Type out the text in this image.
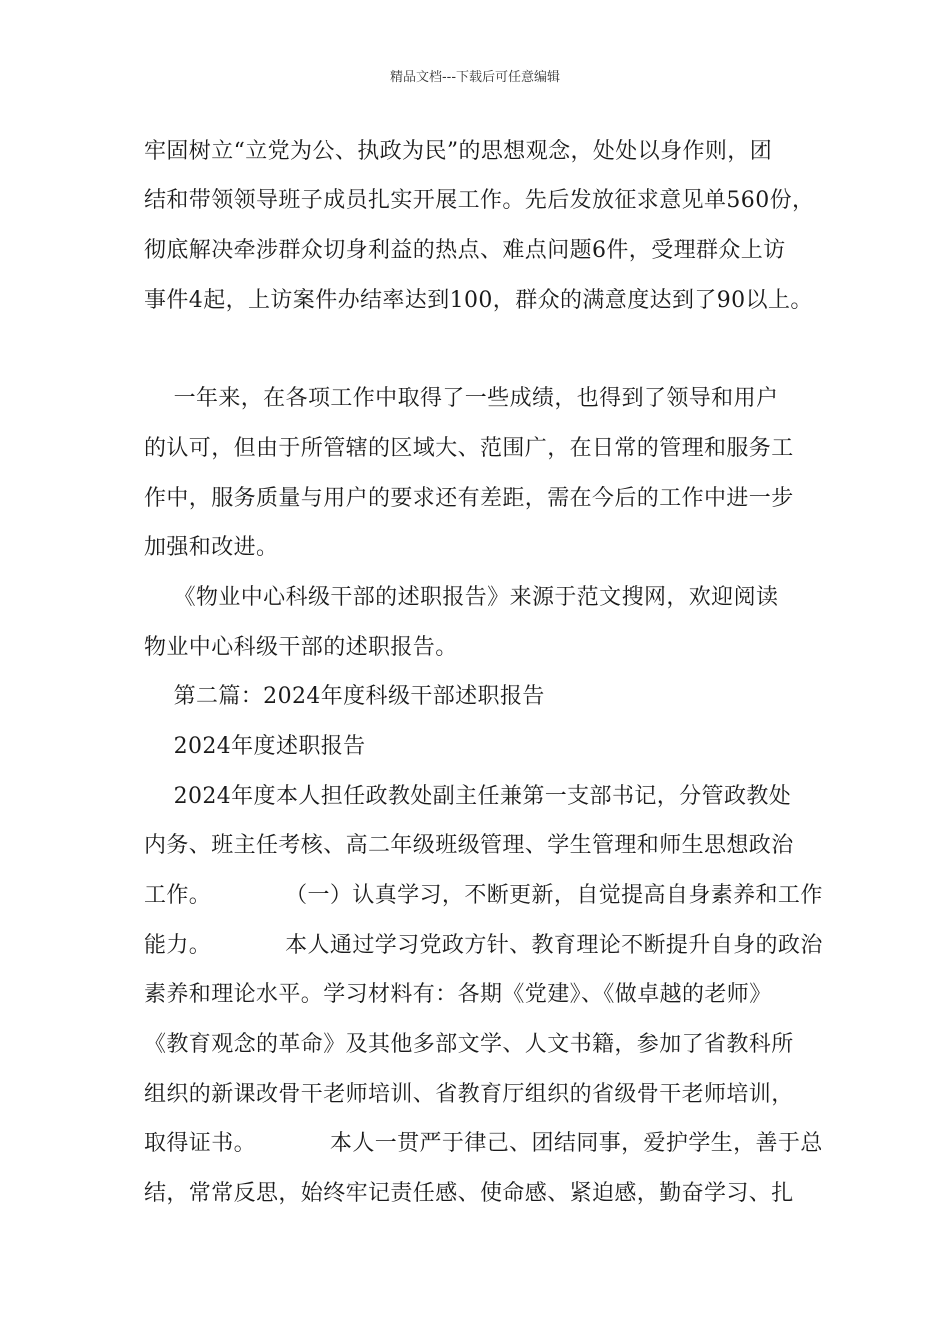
精品文档---下载后可任意编辑
牢固树立“立党为公、执政为民”的思想观念，处处以身作则，团
结和带领领导班子成员扎实开展工作。先后发放征求意见单560份，
彻底解决牵涉群众切身利益的热点、难点问题6件，受理群众上访
事件4起，上访案件办结率达到100，群众的满意度达到了90以上。
一年来，在各项工作中取得了一些成绩，也得到了领导和用户
的认可，但由于所管辖的区域大、范围广，在日常的管理和服务工
作中，服务质量与用户的要求还有差距，需在今后的工作中进一步
加强和改进。
《物业中心科级干部的述职报告》来源于范文搜网，欢迎阅读
物业中心科级干部的述职报告。
第二篇：2024年度科级干部述职报告
2024年度述职报告
2024年度本人担任政教处副主任兼第一支部书记，分管政教处
内务、班主任考核、高二年级班级管理、学生管理和师生思想政治
工作。          （一）认真学习，不断更新，自觉提高自身素养和工作
能力。          本人通过学习党政方针、教育理论不断提升自身的政治
素养和理论水平。学习材料有：各期《党建》、《做卓越的老师》
《教育观念的革命》及其他多部文学、人文书籍，参加了省教科所
组织的新课改骨干老师培训、省教育厅组织的省级骨干老师培训，
取得证书。          本人一贯严于律己、团结同事，爱护学生，善于总
结，常常反思，始终牢记责任感、使命感、紧迫感，勤奋学习、扎
